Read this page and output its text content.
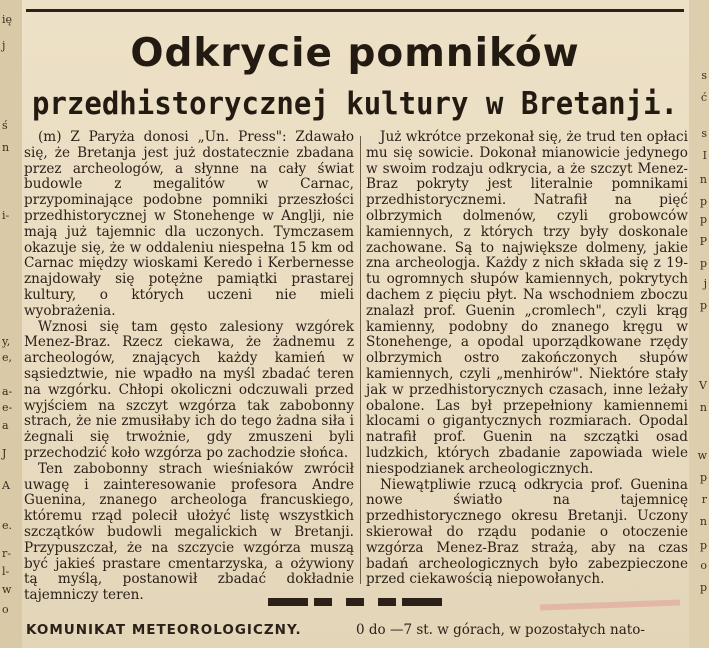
ię
j
ś
n
i-
y,
e,
a-
e-
a
J
A
e.
r-
l-
w
o
s
ć
s
I
n
p
p
P
p
j
p
V
n
w
p
r
n
p
o
p
Odkrycie pomników
przedhistorycznej kultury w Bretanji.

(m) Z Paryża donosi „Un. Press": Zdawało się, że Bretanja jest już dostatecznie zbadana przez archeologów, a słynne na cały świat budowle z megalitów w Carnac, przypominające podobne pomniki przeszłości przedhistorycznej w Stonehenge w Anglji, nie mają już tajemnic dla uczonych. Tymczasem okazuje się, że w oddaleniu niespełna 15 km od Carnac między wioskami Keredo i Kerbernesse znajdowały się potężne pamiątki prastarej kultury, o których uczeni nie mieli wyobrażenia.

Wznosi się tam gęsto zalesiony wzgórek Menez-Braz. Rzecz ciekawa, że żadnemu z archeologów, znających każdy kamień w sąsiedztwie, nie wpadło na myśl zbadać teren na wzgórku. Chłopi okoliczni odczuwali przed wyjściem na szczyt wzgórza tak zabobonny strach, że nie zmusiłaby ich do tego żadna siła i żegnali się trwożnie, gdy zmuszeni byli przechodzić koło wzgórza po zachodzie słońca.

Ten zabobonny strach wieśniaków zwrócił uwagę i zainteresowanie profesora Andre Guenina, znanego archeologa francuskiego, któremu rząd polecił ułożyć listę wszystkich szczątków budowli megalickich w Bretanji. Przypuszczał, że na szczycie wzgórza muszą być jakieś prastare cmentarzyska, a ożywiony tą myślą, postanowił zbadać dokładnie tajemniczy teren.

Już wkrótce przekonał się, że trud ten opłaci mu się sowicie. Dokonał mianowicie jedynego w swoim rodzaju odkrycia, a że szczyt Menez-Braz pokryty jest literalnie pomnikami przedhistorycznemi. Natrafił na pięć olbrzymich dolmenów, czyli grobowców kamiennych, z których trzy były doskonale zachowane. Są to największe dolmeny, jakie zna archeologja. Każdy z nich składa się z 19-tu ogromnych słupów kamiennych, pokrytych dachem z pięciu płyt. Na wschodniem zboczu znalazł prof. Guenin „cromlech", czyli krąg kamienny, podobny do znanego kręgu w Stonehenge, a opodal uporządkowane rzędy olbrzymich ostro zakończonych słupów kamiennych, czyli „menhirów". Niektóre stały jak w przedhistorycznych czasach, inne leżały obalone. Las był przepełniony kamiennemi klocami o gigantycznych rozmiarach. Opodal natrafił prof. Guenin na szczątki osad ludzkich, których zbadanie zapowiada wiele niespodzianek archeologicznych.

Niewątpliwie rzucą odkrycia prof. Guenina nowe światło na tajemnicę przedhistorycznego okresu Bretanji. Uczony skierował do rządu podanie o otoczenie wzgórza Menez-Braz strażą, aby na czas badań archeologicznych było zabezpieczone przed ciekawością niepowołanych.

KOMUNIKAT METEOROLOGICZNY.	0 do —7 st. w górach, w pozostałych nato-
